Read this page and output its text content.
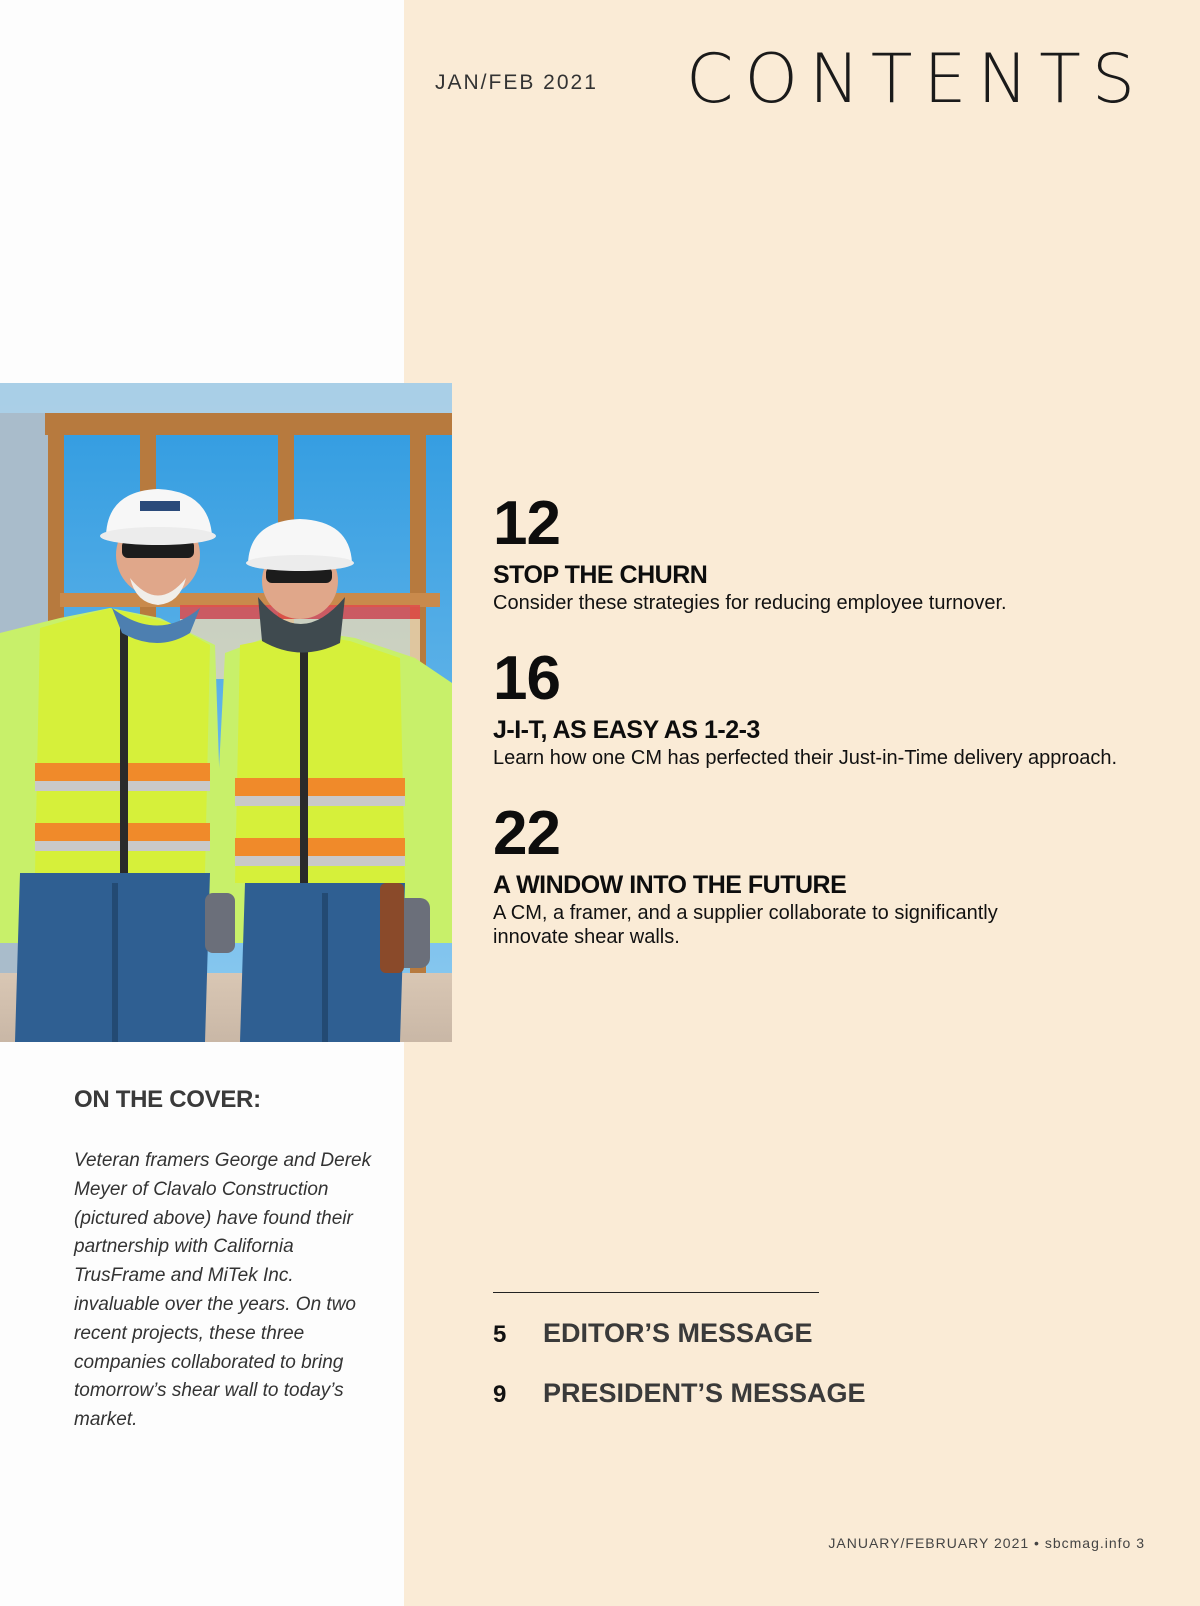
JAN/FEB 2021 CONTENTS
12
STOP THE CHURN
Consider these strategies for reducing employee turnover.
16
J-I-T, AS EASY AS 1-2-3
Learn how one CM has perfected their Just-in-Time delivery approach.
22
A WINDOW INTO THE FUTURE
A CM, a framer, and a supplier collaborate to significantly innovate shear walls.
5 EDITOR’S MESSAGE
9 PRESIDENT’S MESSAGE
ON THE COVER:
Veteran framers George and Derek Meyer of Clavalo Construction (pictured above) have found their partnership with California TrusFrame and MiTek Inc. invaluable over the years. On two recent projects, these three companies collaborated to bring tomorrow’s shear wall to today’s market.
JANUARY/FEBRUARY 2021 • sbcmag.info 3
